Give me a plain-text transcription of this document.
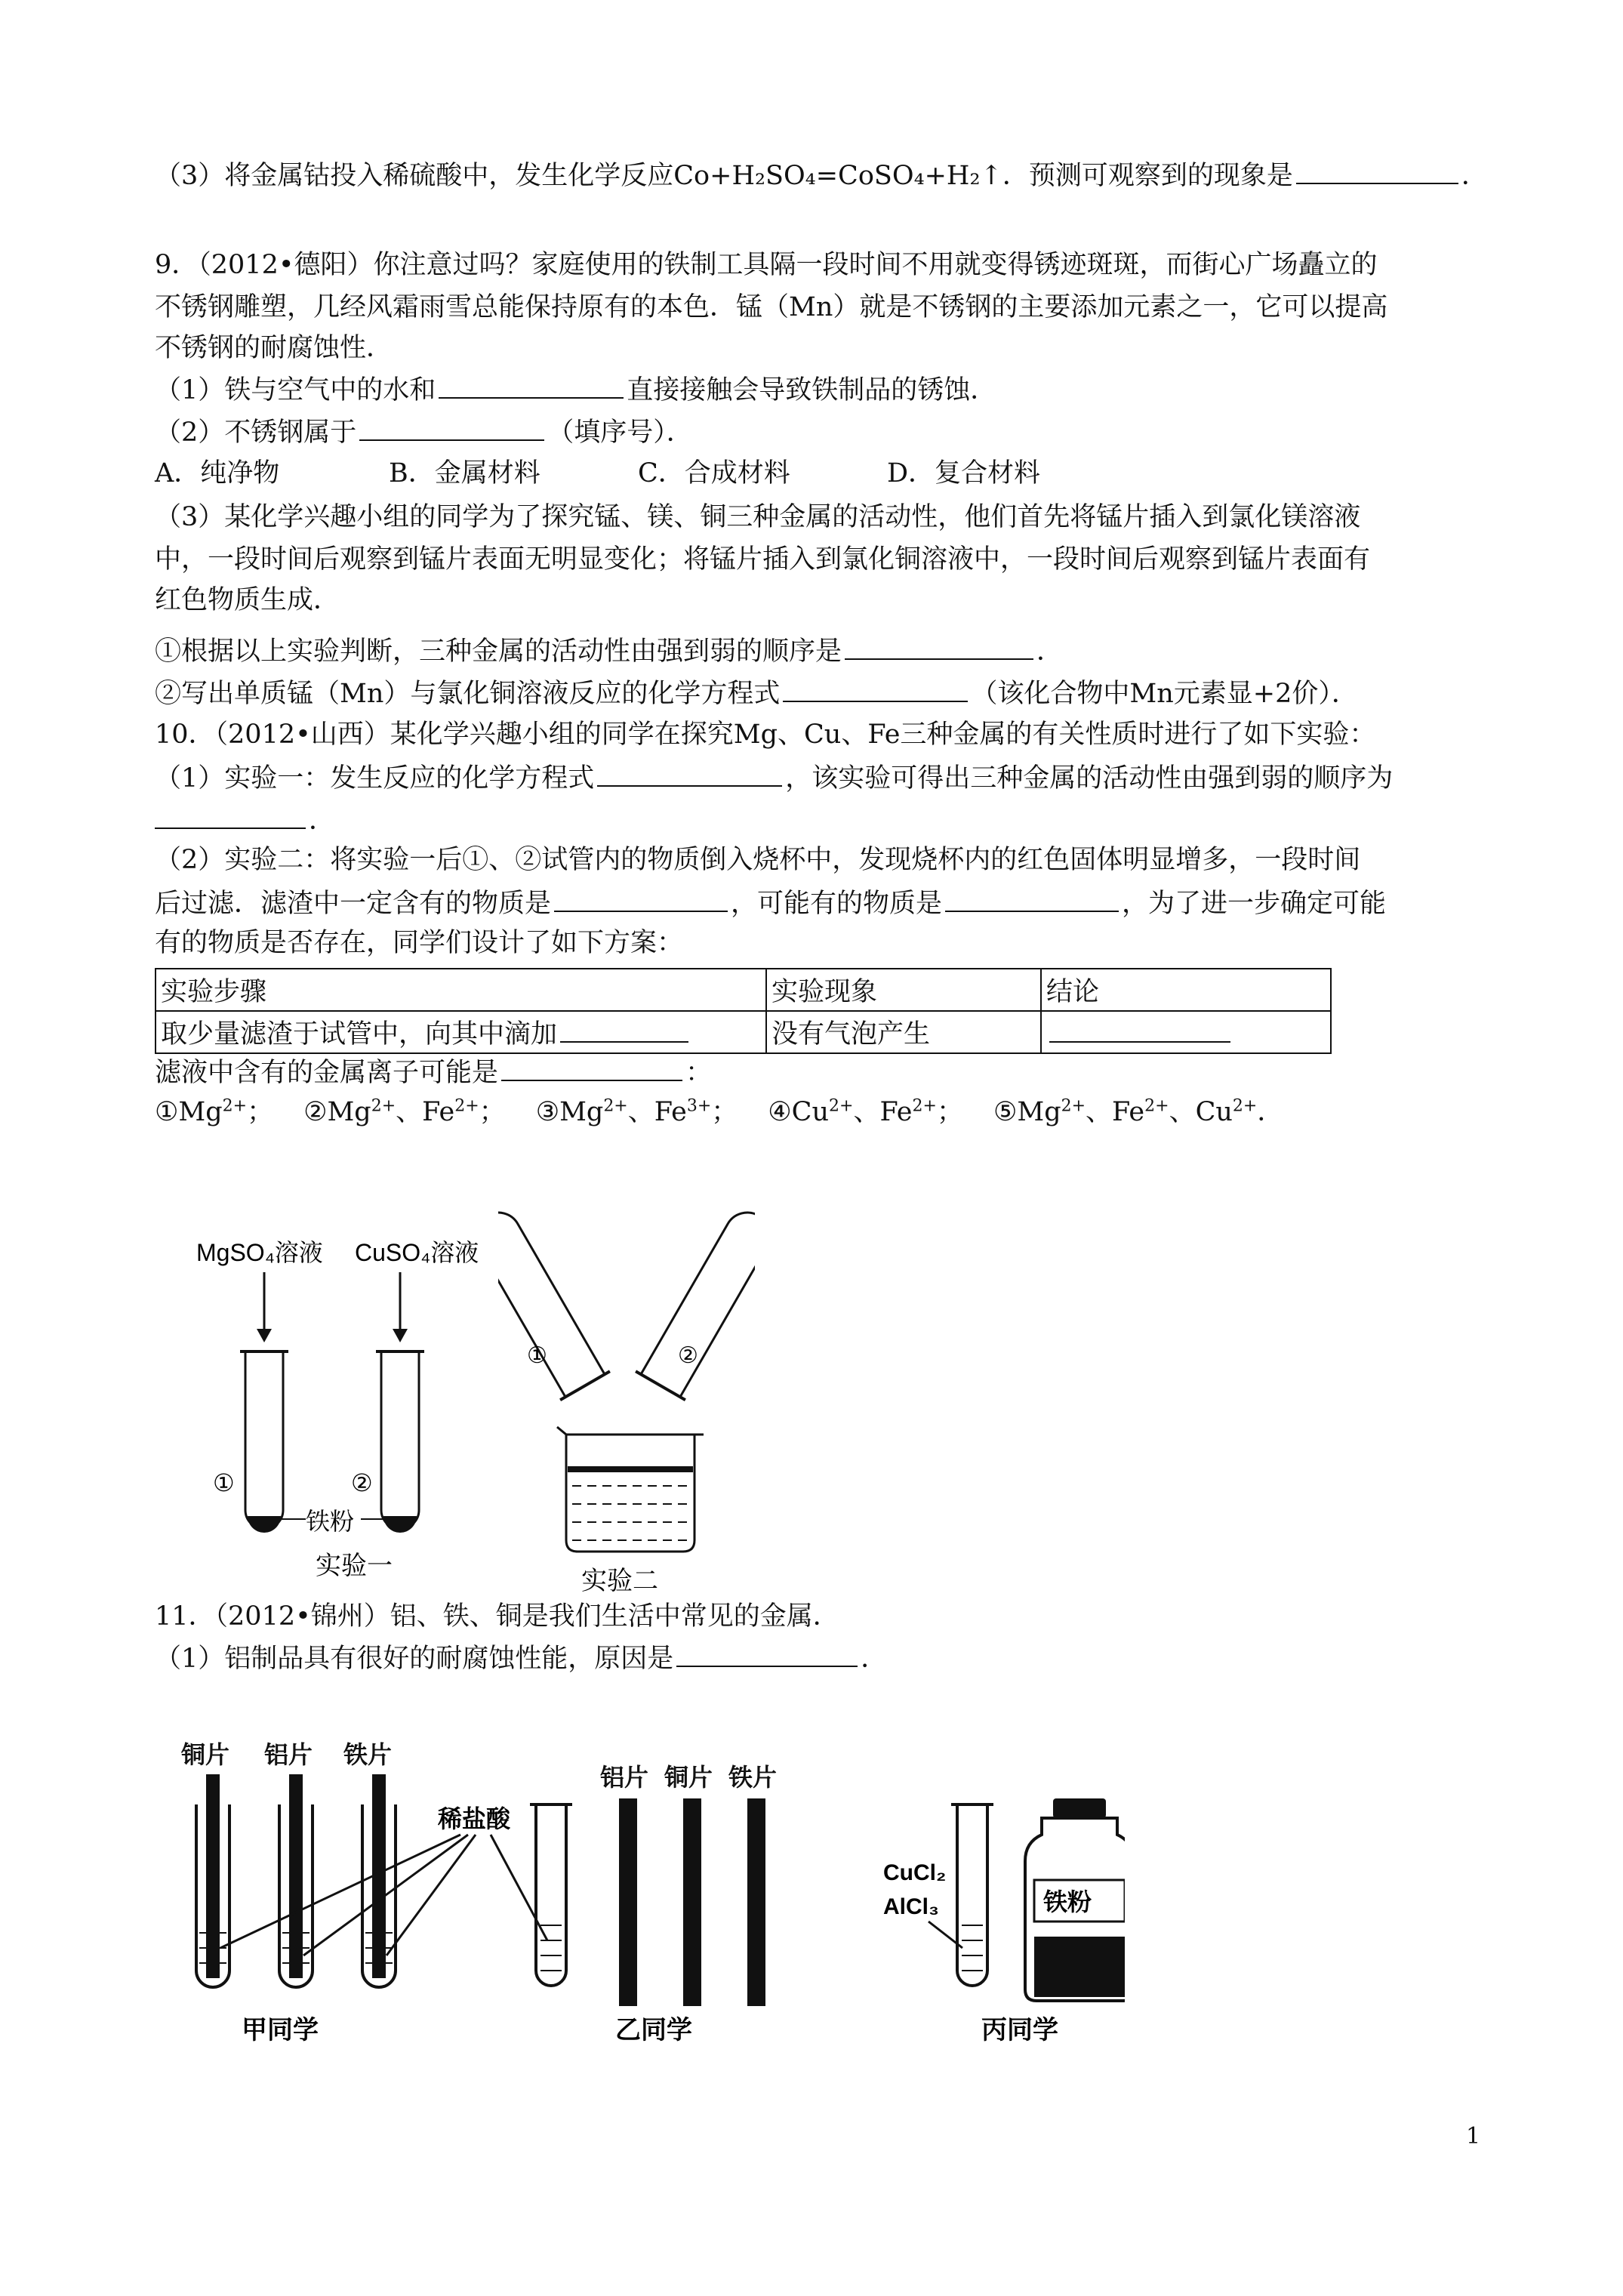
（3）将金属钴投入稀硫酸中，发生化学反应Co+H₂SO₄=CoSO₄+H₂↑．预测可观察到的现象是	．
9．（2012•德阳）你注意过吗？家庭使用的铁制工具隔一段时间不用就变得锈迹斑斑，而街心广场矗立的
不锈钢雕塑，几经风霜雨雪总能保持原有的本色．锰（Mn）就是不锈钢的主要添加元素之一，它可以提高
不锈钢的耐腐蚀性．
（1）铁与空气中的水和	直接接触会导致铁制品的锈蚀．
（2）不锈钢属于	（填序号）．
A．纯净物	B．金属材料	C．合成材料	D．复合材料
（3）某化学兴趣小组的同学为了探究锰、镁、铜三种金属的活动性，他们首先将锰片插入到氯化镁溶液
中，一段时间后观察到锰片表面无明显变化；将锰片插入到氯化铜溶液中，一段时间后观察到锰片表面有
红色物质生成．
①根据以上实验判断，三种金属的活动性由强到弱的顺序是	．
②写出单质锰（Mn）与氯化铜溶液反应的化学方程式	（该化合物中Mn元素显+2价）．
10．（2012•山西）某化学兴趣小组的同学在探究Mg、Cu、Fe三种金属的有关性质时进行了如下实验：
（1）实验一：发生反应的化学方程式	，该实验可得出三种金属的活动性由强到弱的顺序为
．
（2）实验二：将实验一后①、②试管内的物质倒入烧杯中，发现烧杯内的红色固体明显增多，一段时间
后过滤．滤渣中一定含有的物质是	，可能有的物质是	，为了进一步确定可能
有的物质是否存在，同学们设计了如下方案：
实验步骤	实验现象	结论
取少量滤渣于试管中，向其中滴加	没有气泡产生	
滤液中含有的金属离子可能是	：
$①Mg^{2+}$； $②Mg^{2+}$、$Fe^{2+}$； $③Mg^{2+}$、$Fe^{3+}$； $④Cu^{2+}$、$Fe^{2+}$； $⑤Mg^{2+}$、$Fe^{2+}$、$Cu^{2+}$．
MgSO₄溶液 CuSO₄溶液
①	②
铁粉
实验一
①	②
实验二
11．（2012•锦州）铝、铁、铜是我们生活中常见的金属．
（1）铝制品具有很好的耐腐蚀性能，原因是	．
铜片 铝片 铁片
稀盐酸
甲同学
铝片 铜片 铁片
乙同学
CuCl₂
AlCl₃	铁粉
丙同学
1
